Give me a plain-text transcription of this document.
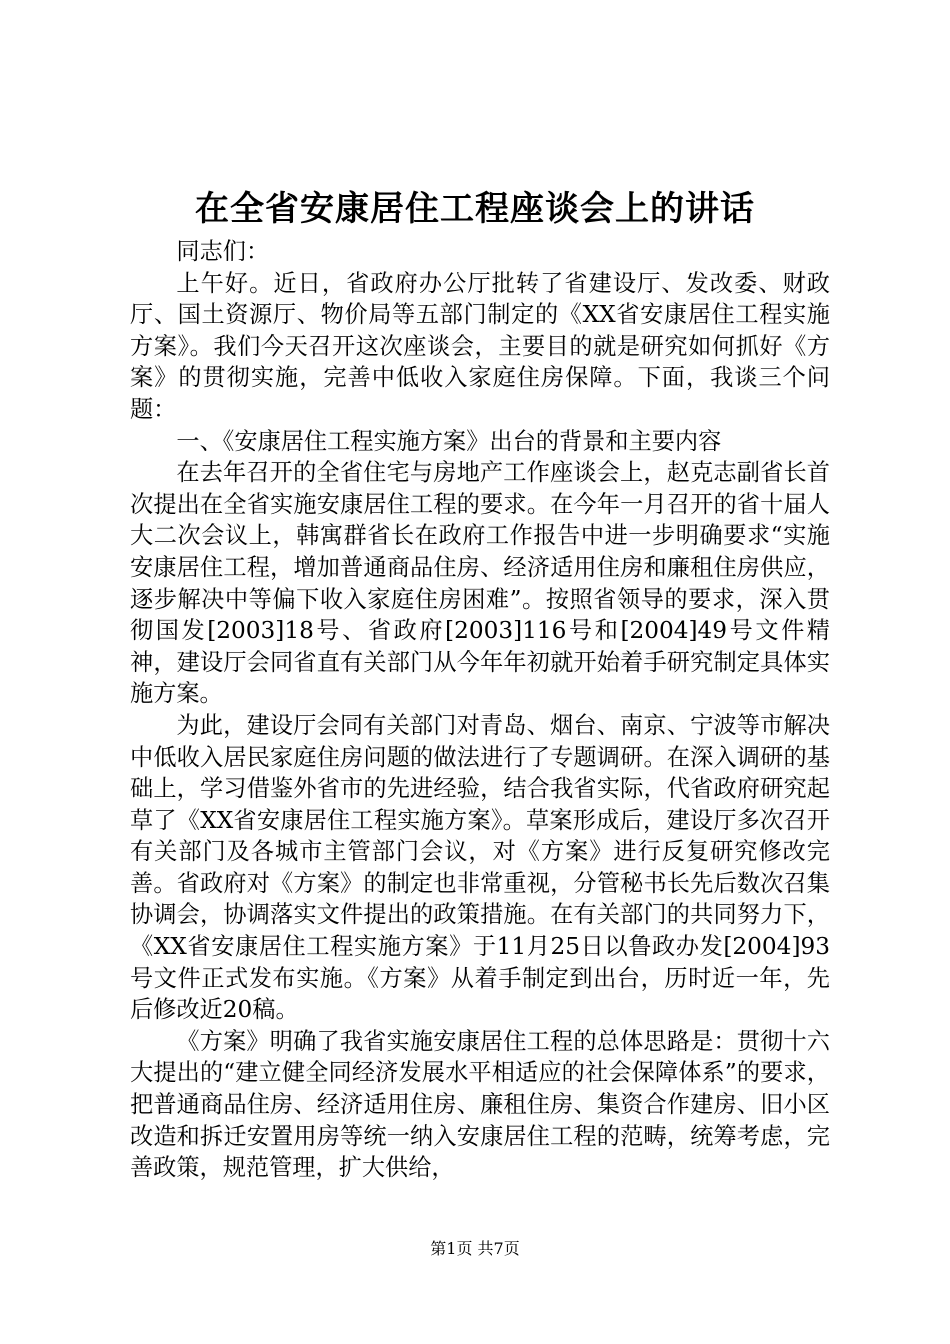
在全省安康居住工程座谈会上的讲话

同志们：

上午好。近日，省政府办公厅批转了省建设厅、发改委、财政厅、国土资源厅、物价局等五部门制定的《XX省安康居住工程实施方案》。我们今天召开这次座谈会，主要目的就是研究如何抓好《方案》的贯彻实施，完善中低收入家庭住房保障。下面，我谈三个问题：

一、《安康居住工程实施方案》出台的背景和主要内容

在去年召开的全省住宅与房地产工作座谈会上，赵克志副省长首次提出在全省实施安康居住工程的要求。在今年一月召开的省十届人大二次会议上，韩寓群省长在政府工作报告中进一步明确要求“实施安康居住工程，增加普通商品住房、经济适用住房和廉租住房供应，逐步解决中等偏下收入家庭住房困难”。按照省领导的要求，深入贯彻国发[2003]18号、省政府[2003]116号和[2004]49号文件精神，建设厅会同省直有关部门从今年年初就开始着手研究制定具体实施方案。

为此，建设厅会同有关部门对青岛、烟台、南京、宁波等市解决中低收入居民家庭住房问题的做法进行了专题调研。在深入调研的基础上，学习借鉴外省市的先进经验，结合我省实际，代省政府研究起草了《XX省安康居住工程实施方案》。草案形成后，建设厅多次召开有关部门及各城市主管部门会议，对《方案》进行反复研究修改完善。省政府对《方案》的制定也非常重视，分管秘书长先后数次召集协调会，协调落实文件提出的政策措施。在有关部门的共同努力下，《XX省安康居住工程实施方案》于11月25日以鲁政办发[2004]93号文件正式发布实施。《方案》从着手制定到出台，历时近一年，先后修改近20稿。

《方案》明确了我省实施安康居住工程的总体思路是：贯彻十六大提出的“建立健全同经济发展水平相适应的社会保障体系”的要求，把普通商品住房、经济适用住房、廉租住房、集资合作建房、旧小区改造和拆迁安置用房等统一纳入安康居住工程的范畴，统筹考虑，完善政策，规范管理，扩大供给，

第1页 共7页
